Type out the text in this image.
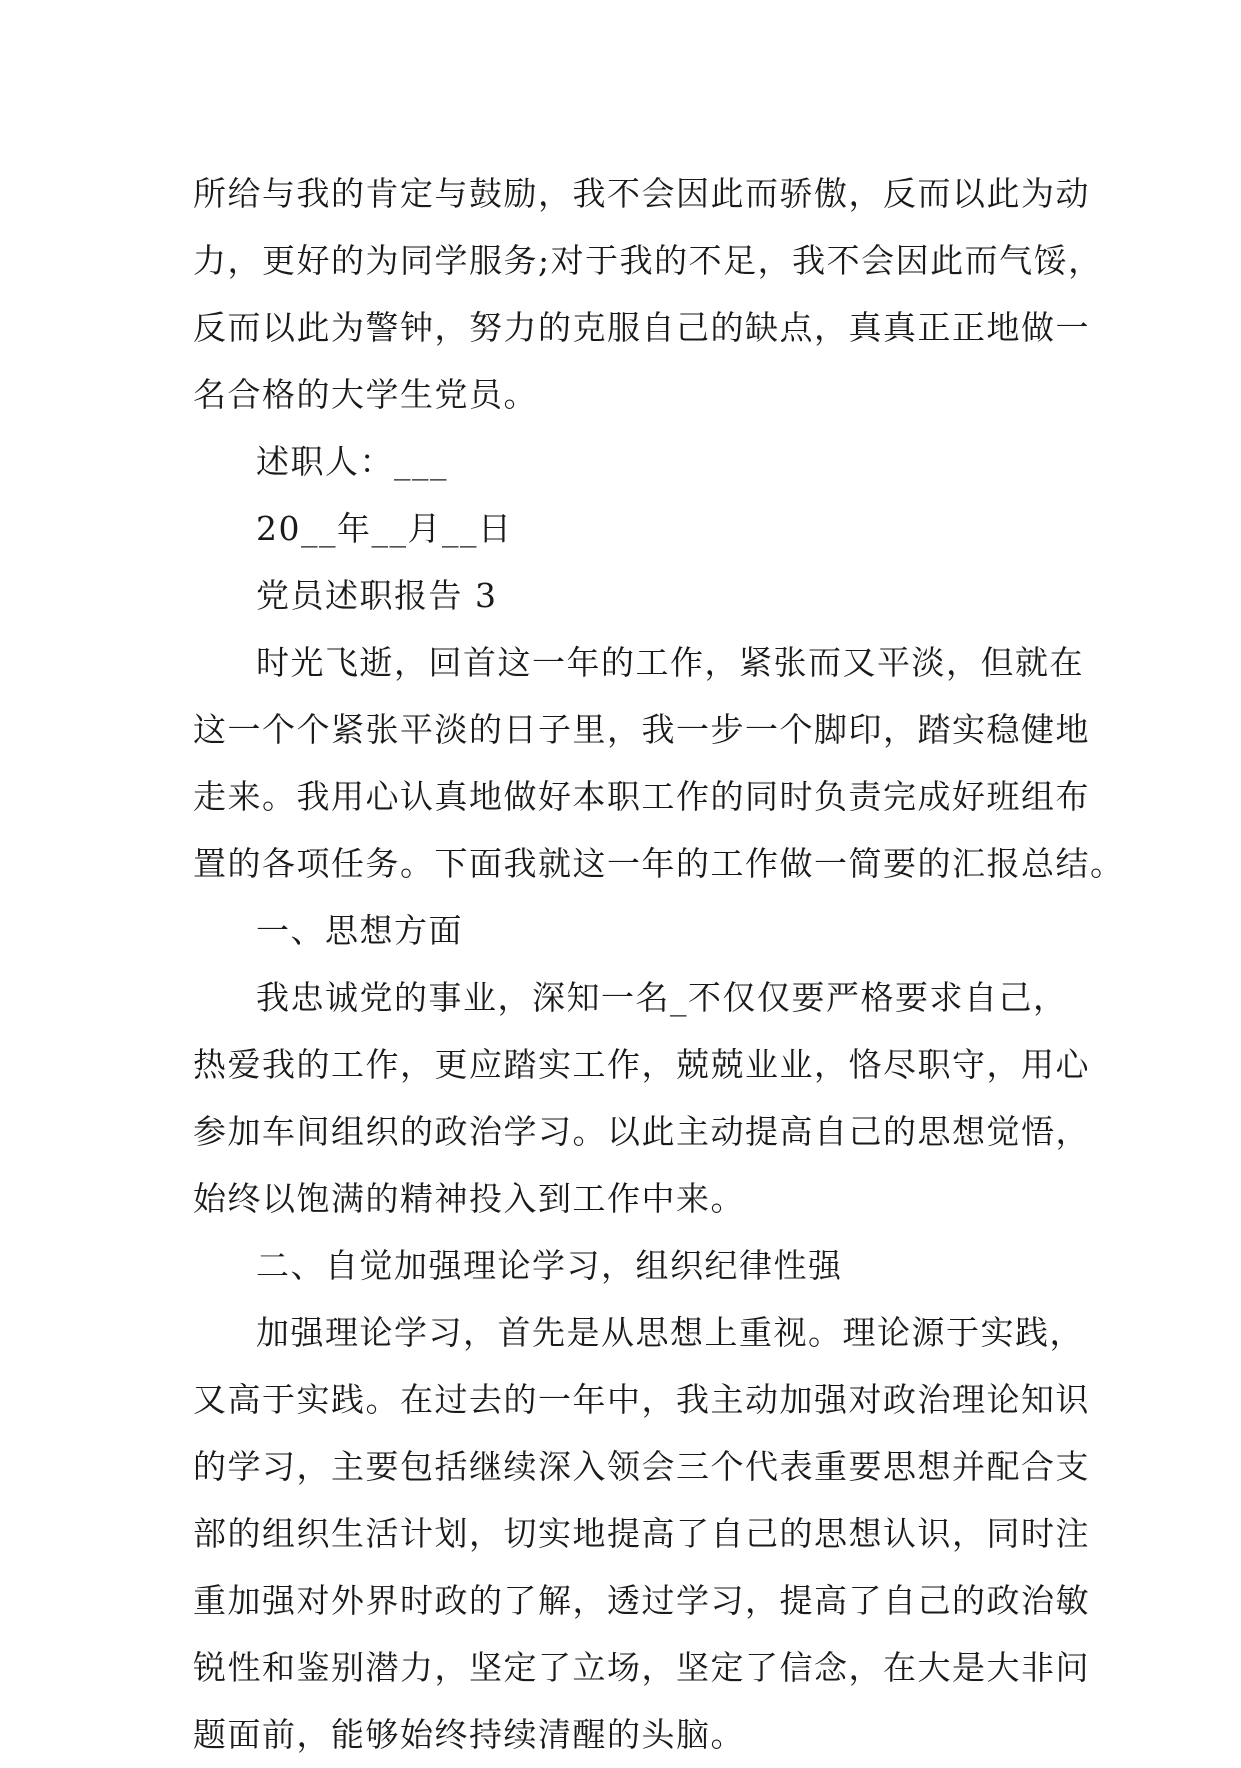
所给与我的肯定与鼓励，我不会因此而骄傲，反而以此为动
力，更好的为同学服务;对于我的不足，我不会因此而气馁，
反而以此为警钟，努力的克服自己的缺点，真真正正地做一
名合格的大学生党员。
述职人：___
20__年__月__日
党员述职报告 3
时光飞逝，回首这一年的工作，紧张而又平淡，但就在
这一个个紧张平淡的日子里，我一步一个脚印，踏实稳健地
走来。我用心认真地做好本职工作的同时负责完成好班组布
置的各项任务。下面我就这一年的工作做一简要的汇报总结。
一、思想方面
我忠诚党的事业，深知一名_不仅仅要严格要求自己，
热爱我的工作，更应踏实工作，兢兢业业，恪尽职守，用心
参加车间组织的政治学习。以此主动提高自己的思想觉悟，
始终以饱满的精神投入到工作中来。
二、自觉加强理论学习，组织纪律性强
加强理论学习，首先是从思想上重视。理论源于实践，
又高于实践。在过去的一年中，我主动加强对政治理论知识
的学习，主要包括继续深入领会三个代表重要思想并配合支
部的组织生活计划，切实地提高了自己的思想认识，同时注
重加强对外界时政的了解，透过学习，提高了自己的政治敏
锐性和鉴别潜力，坚定了立场，坚定了信念，在大是大非问
题面前，能够始终持续清醒的头脑。
